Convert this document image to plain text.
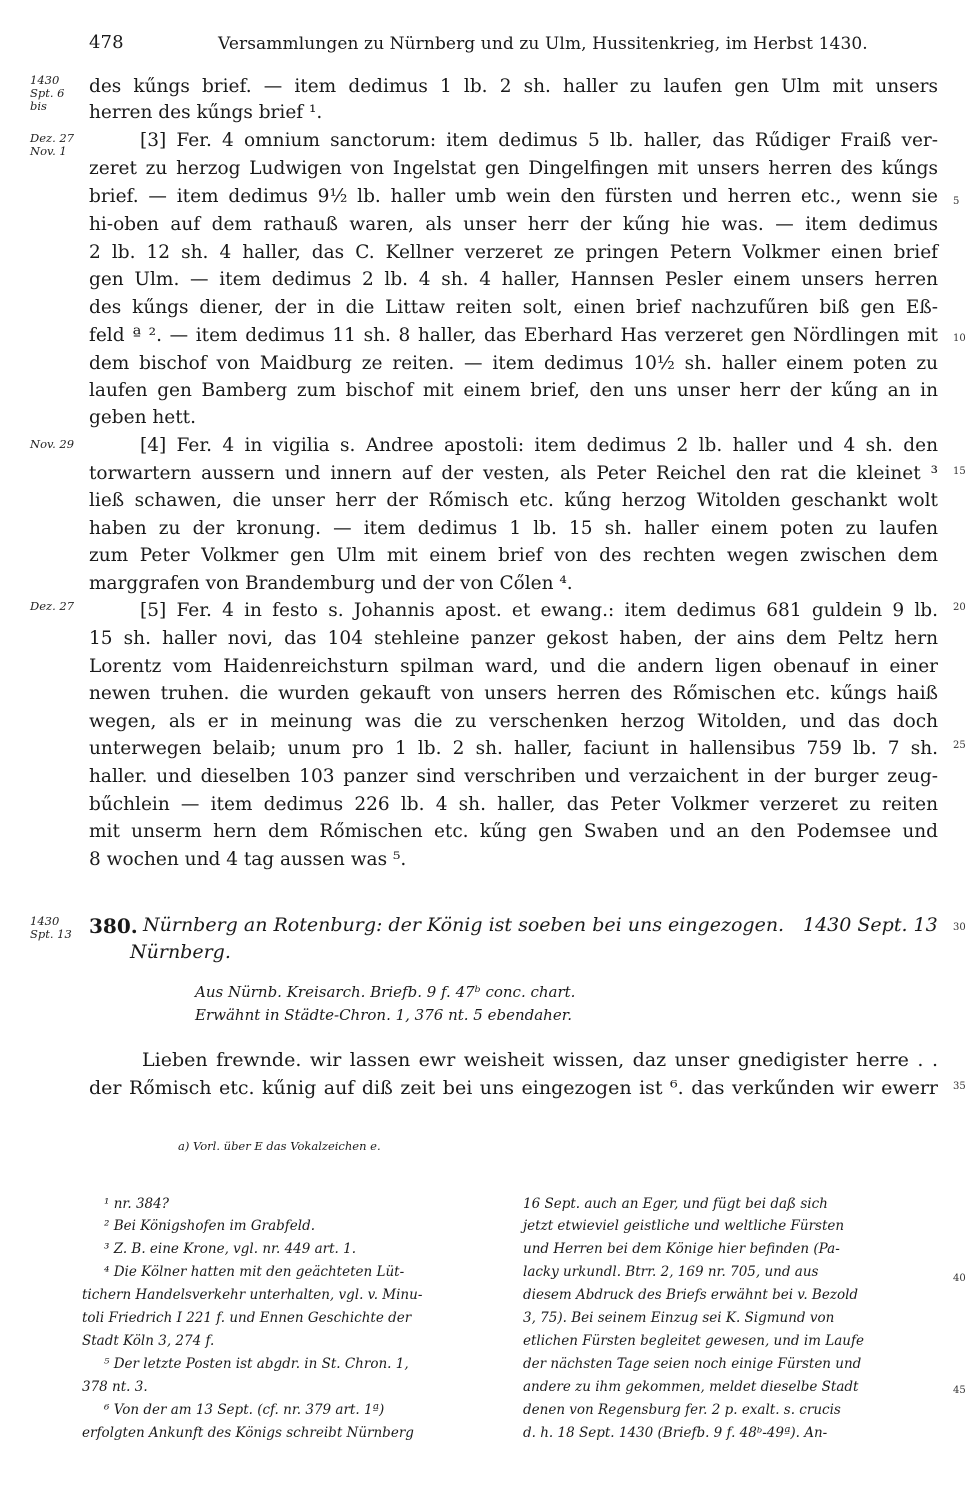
478	Versammlungen zu Nürnberg und zu Ulm, Hussitenkrieg, im Herbst 1430.
1430
Spt. 6
bis
Dez. 27
Nov. 1
Nov. 29
Dez. 27
1430
Spt. 13
5
10
15
20
25
30
35
40
45
des kűngs brief. — item dedimus 1 lb. 2 sh. haller zu laufen gen Ulm mit unsers
herren des kűngs brief ¹.
[3] Fer. 4 omnium sanctorum: item dedimus 5 lb. haller, das Rűdiger Fraiß ver-
zeret zu herzog Ludwigen von Ingelstat gen Dingelfingen mit unsers herren des kűngs
brief. — item dedimus 9½ lb. haller umb wein den fürsten und herren etc., wenn sie
hi-oben auf dem rathauß waren, als unser herr der kűng hie was. — item dedimus
2 lb. 12 sh. 4 haller, das C. Kellner verzeret ze pringen Petern Volkmer einen brief
gen Ulm. — item dedimus 2 lb. 4 sh. 4 haller, Hannsen Pesler einem unsers herren
des kűngs diener, der in die Littaw reiten solt, einen brief nachzufűren biß gen Eß-
feld ª ². — item dedimus 11 sh. 8 haller, das Eberhard Has verzeret gen Nördlingen mit
dem bischof von Maidburg ze reiten. — item dedimus 10½ sh. haller einem poten zu
laufen gen Bamberg zum bischof mit einem brief, den uns unser herr der kűng an in
geben hett.
[4] Fer. 4 in vigilia s. Andree apostoli: item dedimus 2 lb. haller und 4 sh. den
torwartern aussern und innern auf der vesten, als Peter Reichel den rat die kleinet ³
ließ schawen, die unser herr der Rőmisch etc. kűng herzog Witolden geschankt wolt
haben zu der kronung. — item dedimus 1 lb. 15 sh. haller einem poten zu laufen
zum Peter Volkmer gen Ulm mit einem brief von des rechten wegen zwischen dem
marggrafen von Brandemburg und der von Cőlen ⁴.
[5] Fer. 4 in festo s. Johannis apost. et ewang.: item dedimus 681 guldein 9 lb.
15 sh. haller novi, das 104 stehleine panzer gekost haben, der ains dem Peltz hern
Lorentz vom Haidenreichsturn spilman ward, und die andern ligen obenauf in einer
newen truhen. die wurden gekauft von unsers herren des Rőmischen etc. kűngs haiß
wegen, als er in meinung was die zu verschenken herzog Witolden, und das doch
unterwegen belaib; unum pro 1 lb. 2 sh. haller, faciunt in hallensibus 759 lb. 7 sh.
haller. und dieselben 103 panzer sind verschriben und verzaichent in der burger zeug-
bűchlein — item dedimus 226 lb. 4 sh. haller, das Peter Volkmer verzeret zu reiten
mit unserm hern dem Rőmischen etc. kűng gen Swaben und an den Podemsee und
8 wochen und 4 tag aussen was ⁵.
380. Nürnberg an Rotenburg: der König ist soeben bei uns eingezogen. 1430 Sept. 13
Nürnberg.
Aus Nürnb. Kreisarch. Briefb. 9 f. 47ᵇ conc. chart.
Erwähnt in Städte-Chron. 1, 376 nt. 5 ebendaher.
Lieben frewnde. wir lassen ewr weisheit wissen, daz unser gnedigister herre . .
der Rőmisch etc. kűnig auf diß zeit bei uns eingezogen ist ⁶. das verkűnden wir ewerr
a) Vorl. über E das Vokalzeichen e.
¹ nr. 384?
² Bei Königshofen im Grabfeld.
³ Z. B. eine Krone, vgl. nr. 449 art. 1.
⁴ Die Kölner hatten mit den geächteten Lüt-
tichern Handelsverkehr unterhalten, vgl. v. Minu-
toli Friedrich I 221 f. und Ennen Geschichte der
Stadt Köln 3, 274 f.
⁵ Der letzte Posten ist abgdr. in St. Chron. 1,
378 nt. 3.
⁶ Von der am 13 Sept. (cf. nr. 379 art. 1ª)
erfolgten Ankunft des Königs schreibt Nürnberg
16 Sept. auch an Eger, und fügt bei daß sich
jetzt etwieviel geistliche und weltliche Fürsten
und Herren bei dem Könige hier befinden (Pa-
lacky urkundl. Btrr. 2, 169 nr. 705, und aus
diesem Abdruck des Briefs erwähnt bei v. Bezold
3, 75). Bei seinem Einzug sei K. Sigmund von
etlichen Fürsten begleitet gewesen, und im Laufe
der nächsten Tage seien noch einige Fürsten und
andere zu ihm gekommen, meldet dieselbe Stadt
denen von Regensburg fer. 2 p. exalt. s. crucis
d. h. 18 Sept. 1430 (Briefb. 9 f. 48ᵇ-49ª). An-
